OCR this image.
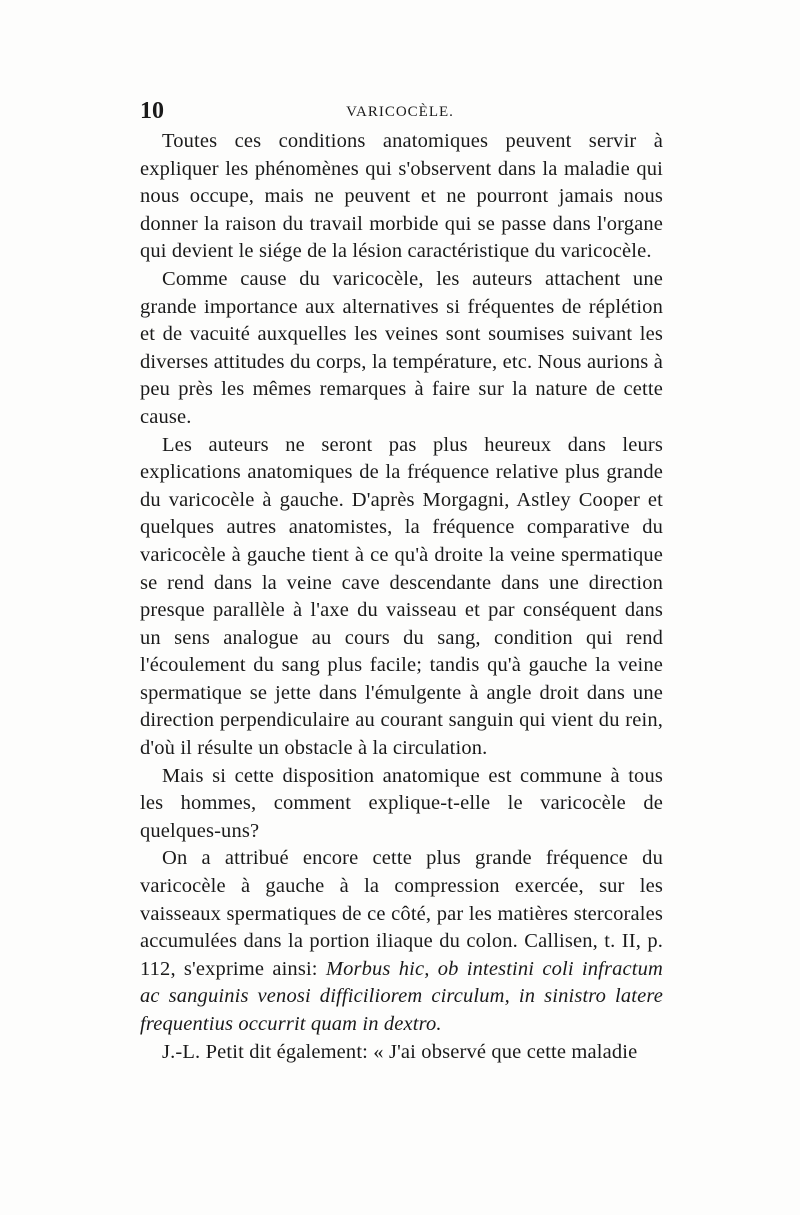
10	VARICOCÈLE.

Toutes ces conditions anatomiques peuvent servir à expliquer les phénomènes qui s'observent dans la maladie qui nous occupe, mais ne peuvent et ne pourront jamais nous donner la raison du travail morbide qui se passe dans l'organe qui devient le siége de la lésion caractéristique du varicocèle.

Comme cause du varicocèle, les auteurs attachent une grande importance aux alternatives si fréquentes de réplétion et de vacuité auxquelles les veines sont soumises suivant les diverses attitudes du corps, la température, etc. Nous aurions à peu près les mêmes remarques à faire sur la nature de cette cause.

Les auteurs ne seront pas plus heureux dans leurs explications anatomiques de la fréquence relative plus grande du varicocèle à gauche. D'après Morgagni, Astley Cooper et quelques autres anatomistes, la fréquence comparative du varicocèle à gauche tient à ce qu'à droite la veine spermatique se rend dans la veine cave descendante dans une direction presque parallèle à l'axe du vaisseau et par conséquent dans un sens analogue au cours du sang, condition qui rend l'écoulement du sang plus facile; tandis qu'à gauche la veine spermatique se jette dans l'émulgente à angle droit dans une direction perpendiculaire au courant sanguin qui vient du rein, d'où il résulte un obstacle à la circulation.

Mais si cette disposition anatomique est commune à tous les hommes, comment explique-t-elle le varicocèle de quelques-uns?

On a attribué encore cette plus grande fréquence du varicocèle à gauche à la compression exercée, sur les vaisseaux spermatiques de ce côté, par les matières stercorales accumulées dans la portion iliaque du colon. Callisen, t. II, p. 112, s'exprime ainsi: Morbus hic, ob intestini coli infractum ac sanguinis venosi difficiliorem circulum, in sinistro latere frequentius occurrit quam in dextro.

J.-L. Petit dit également: « J'ai observé que cette maladie
